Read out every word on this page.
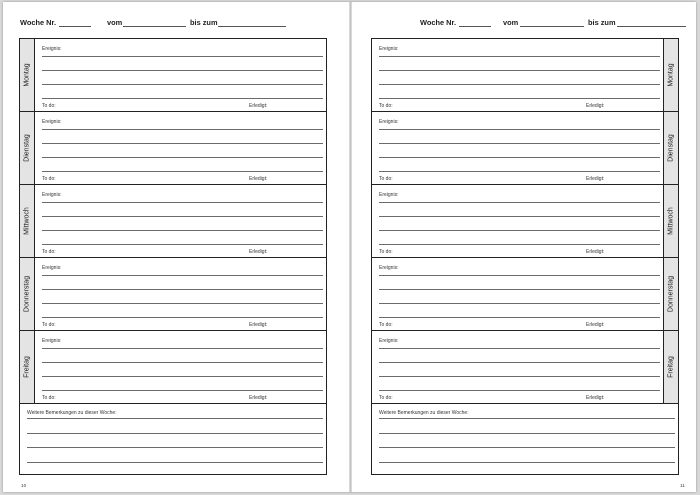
Woche Nr.	vom	bis zum
Montag
Ereignis:
To do:	Erledigt:
Dienstag
Ereignis:
To do:	Erledigt:
Mittwoch
Ereignis:
To do:	Erledigt:
Donnerstag
Ereignis:
To do:	Erledigt:
Freitag
Ereignis:
To do:	Erledigt:
Weitere Bemerkungen zu dieser Woche:
10
Woche Nr.	vom	bis zum
Montag
Ereignis:
To do:	Erledigt:
Dienstag
Ereignis:
To do:	Erledigt:
Mittwoch
Ereignis:
To do:	Erledigt:
Donnerstag
Ereignis:
To do:	Erledigt:
Freitag
Ereignis:
To do:	Erledigt:
Weitere Bemerkungen zu dieser Woche:
11
